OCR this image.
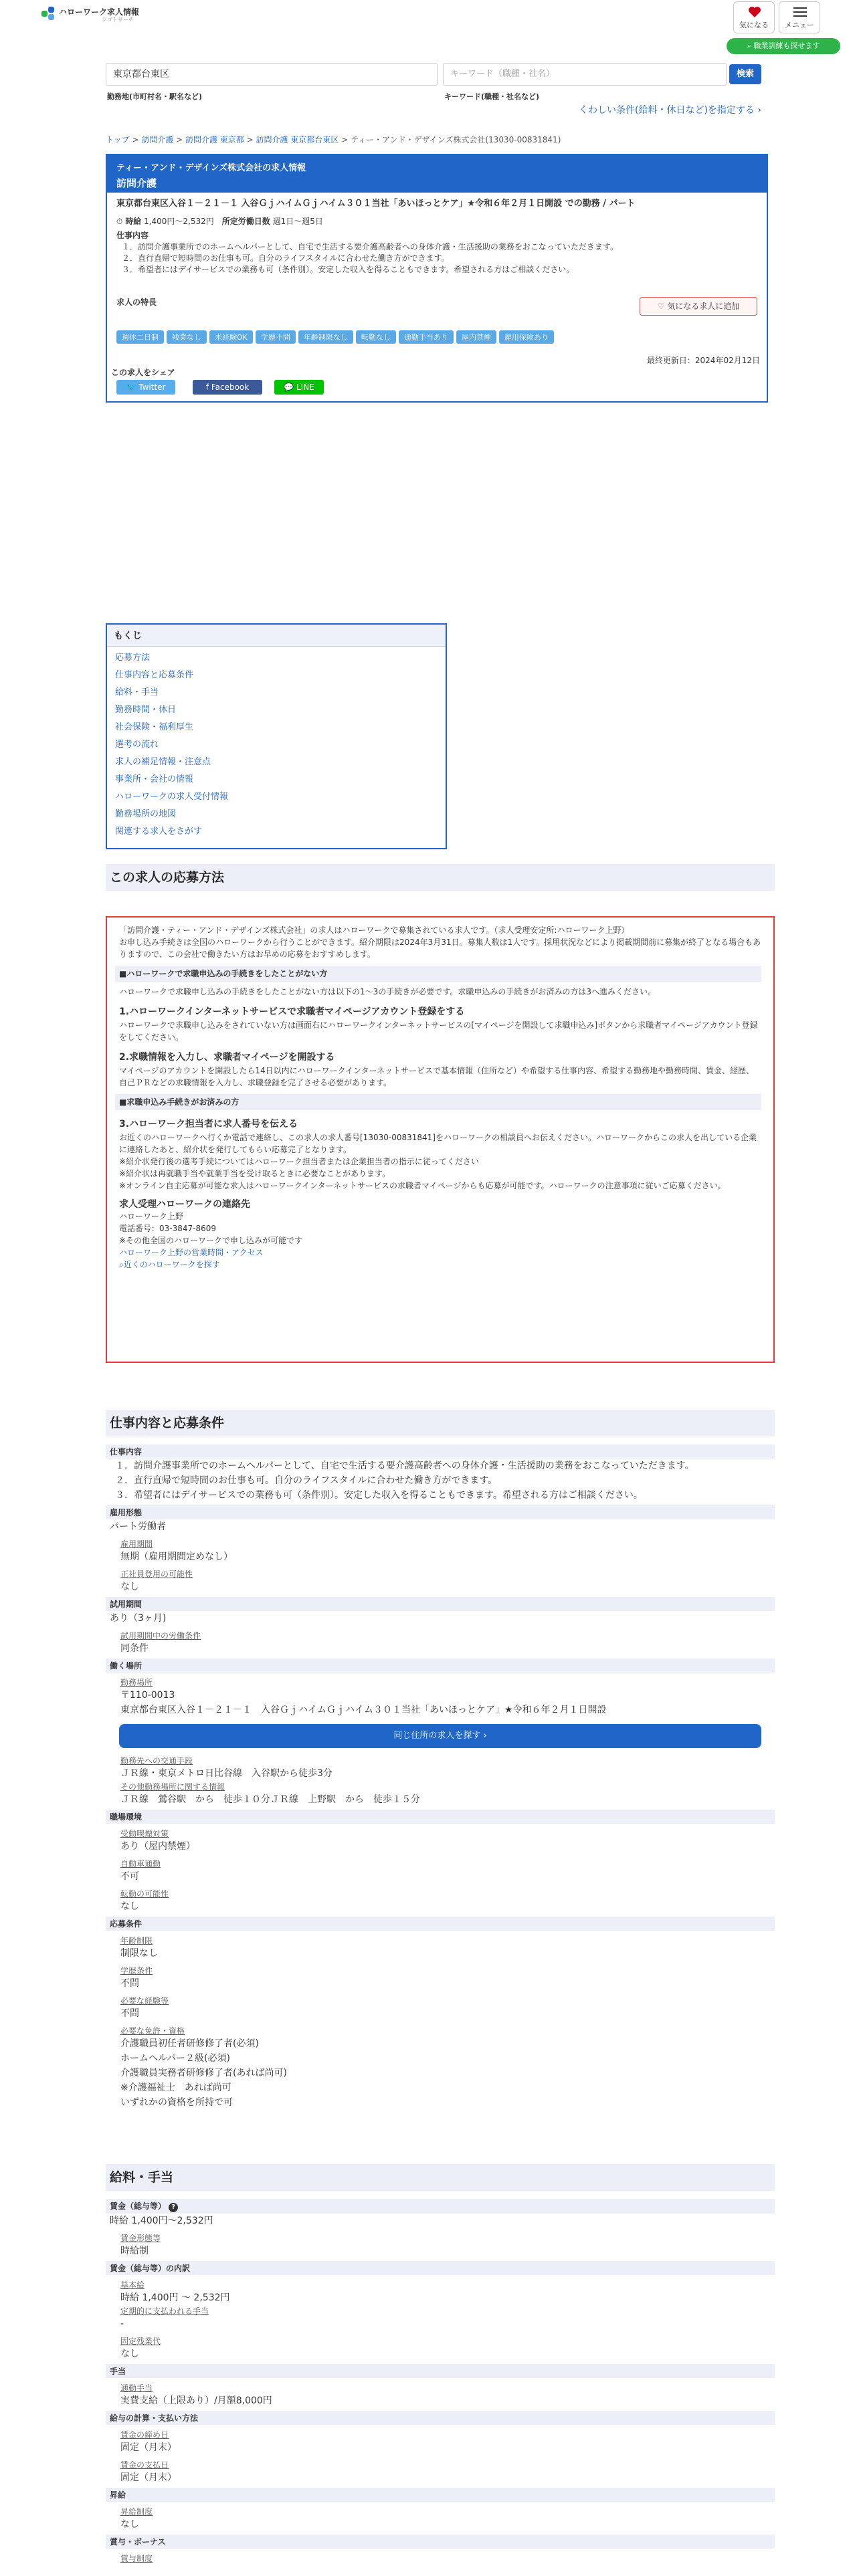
ハローワーク求人情報
シゴトサーチ
気になる	メニュー
⌕ 職業訓練も探せます
東京都台東区	キーワード（職種・社名）	検索
勤務地(市町村名・駅名など)	キーワード(職種・社名など)
くわしい条件(給料・休日など)を指定する ›
トップ > 訪問介護 > 訪問介護 東京都 > 訪問介護 東京都台東区 > ティー・アンド・デザインズ株式会社(13030-00831841)
ティー・アンド・デザインズ株式会社の求人情報
訪問介護
東京都台東区入谷１－２１－１ 入谷ＧｊハイムＧｊハイム３０１当社「あいほっとケア」★令和６年２月１日開設 での勤務 / パート
⏱ 時給 1,400円〜2,532円　 所定労働日数 週1日〜週5日
仕事内容

１．訪問介護事業所でのホームヘルパーとして、自宅で生活する要介護高齢者への身体介護・生活援助の業務をおこなっていただきます。

２．直行直帰で短時間のお仕事も可。自分のライフスタイルに合わせた働き方ができます。

３．希望者にはデイサービスでの業務も可（条件別）。安定した収入を得ることもできます。希望される方はご相談ください。

求人の特長	♡ 気になる求人に追加
週休二日制 残業なし 未経験OK 学歴不問 年齢制限なし 転勤なし 通勤手当あり 屋内禁煙 雇用保険あり
最終更新日：2024年02月12日
この求人をシェア
🐦 Twitter	f Facebook	💬 LINE
もくじ
応募方法
仕事内容と応募条件
給料・手当
勤務時間・休日
社会保険・福利厚生
選考の流れ
求人の補足情報・注意点
事業所・会社の情報
ハローワークの求人受付情報
勤務場所の地図
関連する求人をさがす
この求人の応募方法
「訪問介護・ティー・アンド・デザインズ株式会社」の求人はハローワークで募集されている求人です。（求人受理安定所:ハローワーク上野）
お申し込み手続きは全国のハローワークから行うことができます。紹介期限は2024年3月31日。募集人数は1人です。採用状況などにより掲載期間前に募集が終了となる場合もありますので、この会社で働きたい方はお早めの応募をおすすめします。
■ハローワークで求職申込みの手続きをしたことがない方
ハローワークで求職申し込みの手続きをしたことがない方は以下の1〜3の手続きが必要です。求職申込みの手続きがお済みの方は3へ進みください。
1.ハローワークインターネットサービスで求職者マイページアカウント登録をする
ハローワークで求職申し込みをされていない方は画面右にハローワークインターネットサービスの[マイページを開設して求職申込み]ボタンから求職者マイページアカウント登録をしてください。
2.求職情報を入力し、求職者マイページを開設する
マイページのアカウントを開設したら14日以内にハローワークインターネットサービスで基本情報（住所など）や希望する仕事内容、希望する勤務地や勤務時間、賃金、経歴、自己ＰＲなどの求職情報を入力し、求職登録を完了させる必要があります。
■求職申込み手続きがお済みの方
3.ハローワーク担当者に求人番号を伝える
お近くのハローワークへ行くか電話で連絡し、この求人の求人番号[13030-00831841]をハローワークの相談員へお伝えください。ハローワークからこの求人を出している企業に連絡したあと、紹介状を発行してもらい応募完了となります。
※紹介状発行後の選考手続についてはハローワーク担当者または企業担当者の指示に従ってください
※紹介状は再就職手当や就業手当を受け取るときに必要なことがあります。
※オンライン自主応募が可能な求人はハローワークインターネットサービスの求職者マイページからも応募が可能です。ハローワークの注意事項に従いご応募ください。
求人受理ハローワークの連絡先
ハローワーク上野
電話番号：03-3847-8609
※その他全国のハローワークで申し込みが可能です
ハローワーク上野の営業時間・アクセス
⌕近くのハローワークを探す
仕事内容と応募条件
仕事内容
１．訪問介護事業所でのホームヘルパーとして、自宅で生活する要介護高齢者への身体介護・生活援助の業務をおこなっていただきます。
２．直行直帰で短時間のお仕事も可。自分のライフスタイルに合わせた働き方ができます。
３．希望者にはデイサービスでの業務も可（条件別）。安定した収入を得ることもできます。希望される方はご相談ください。
雇用形態
パート労働者
雇用期間
無期（雇用期間定めなし）
正社員登用の可能性
なし
試用期間
あり（3ヶ月)
試用期間中の労働条件
同条件
働く場所
勤務場所
〒110-0013
東京都台東区入谷１－２１－１　入谷ＧｊハイムＧｊハイム３０１当社「あいほっとケア」★令和６年２月１日開設
同じ住所の求人を探す ›
勤務先への交通手段
ＪＲ線・東京メトロ日比谷線　入谷駅から徒歩3分
その他勤務場所に関する情報
ＪＲ線　鶯谷駅　から　徒歩１０分ＪＲ線　上野駅　から　徒歩１５分
職場環境
受動喫煙対策
あり（屋内禁煙）
自動車通勤
不可
転勤の可能性
なし
応募条件
年齢制限
制限なし
学歴条件
不問
必要な経験等
不問
必要な免許・資格
介護職員初任者研修修了者(必須)
ホームヘルパー２級(必須)
介護職員実務者研修修了者(あれば尚可)
※介護福祉士　あれば尚可
いずれかの資格を所持で可
給料・手当
賃金（総与等） ?
時給 1,400円〜2,532円
賃金形態等
時給制
賃金（総与等）の内訳
基本給
時給 1,400円 〜 2,532円
定期的に支払われる手当
-
固定残業代
なし
手当
通勤手当
実費支給（上限あり）/月額8,000円
給与の計算・支払い方法
賃金の締め日
固定（月末）
賃金の支払日
固定（月末）
昇給
昇給制度
なし
賞与・ボーナス
賞与制度
